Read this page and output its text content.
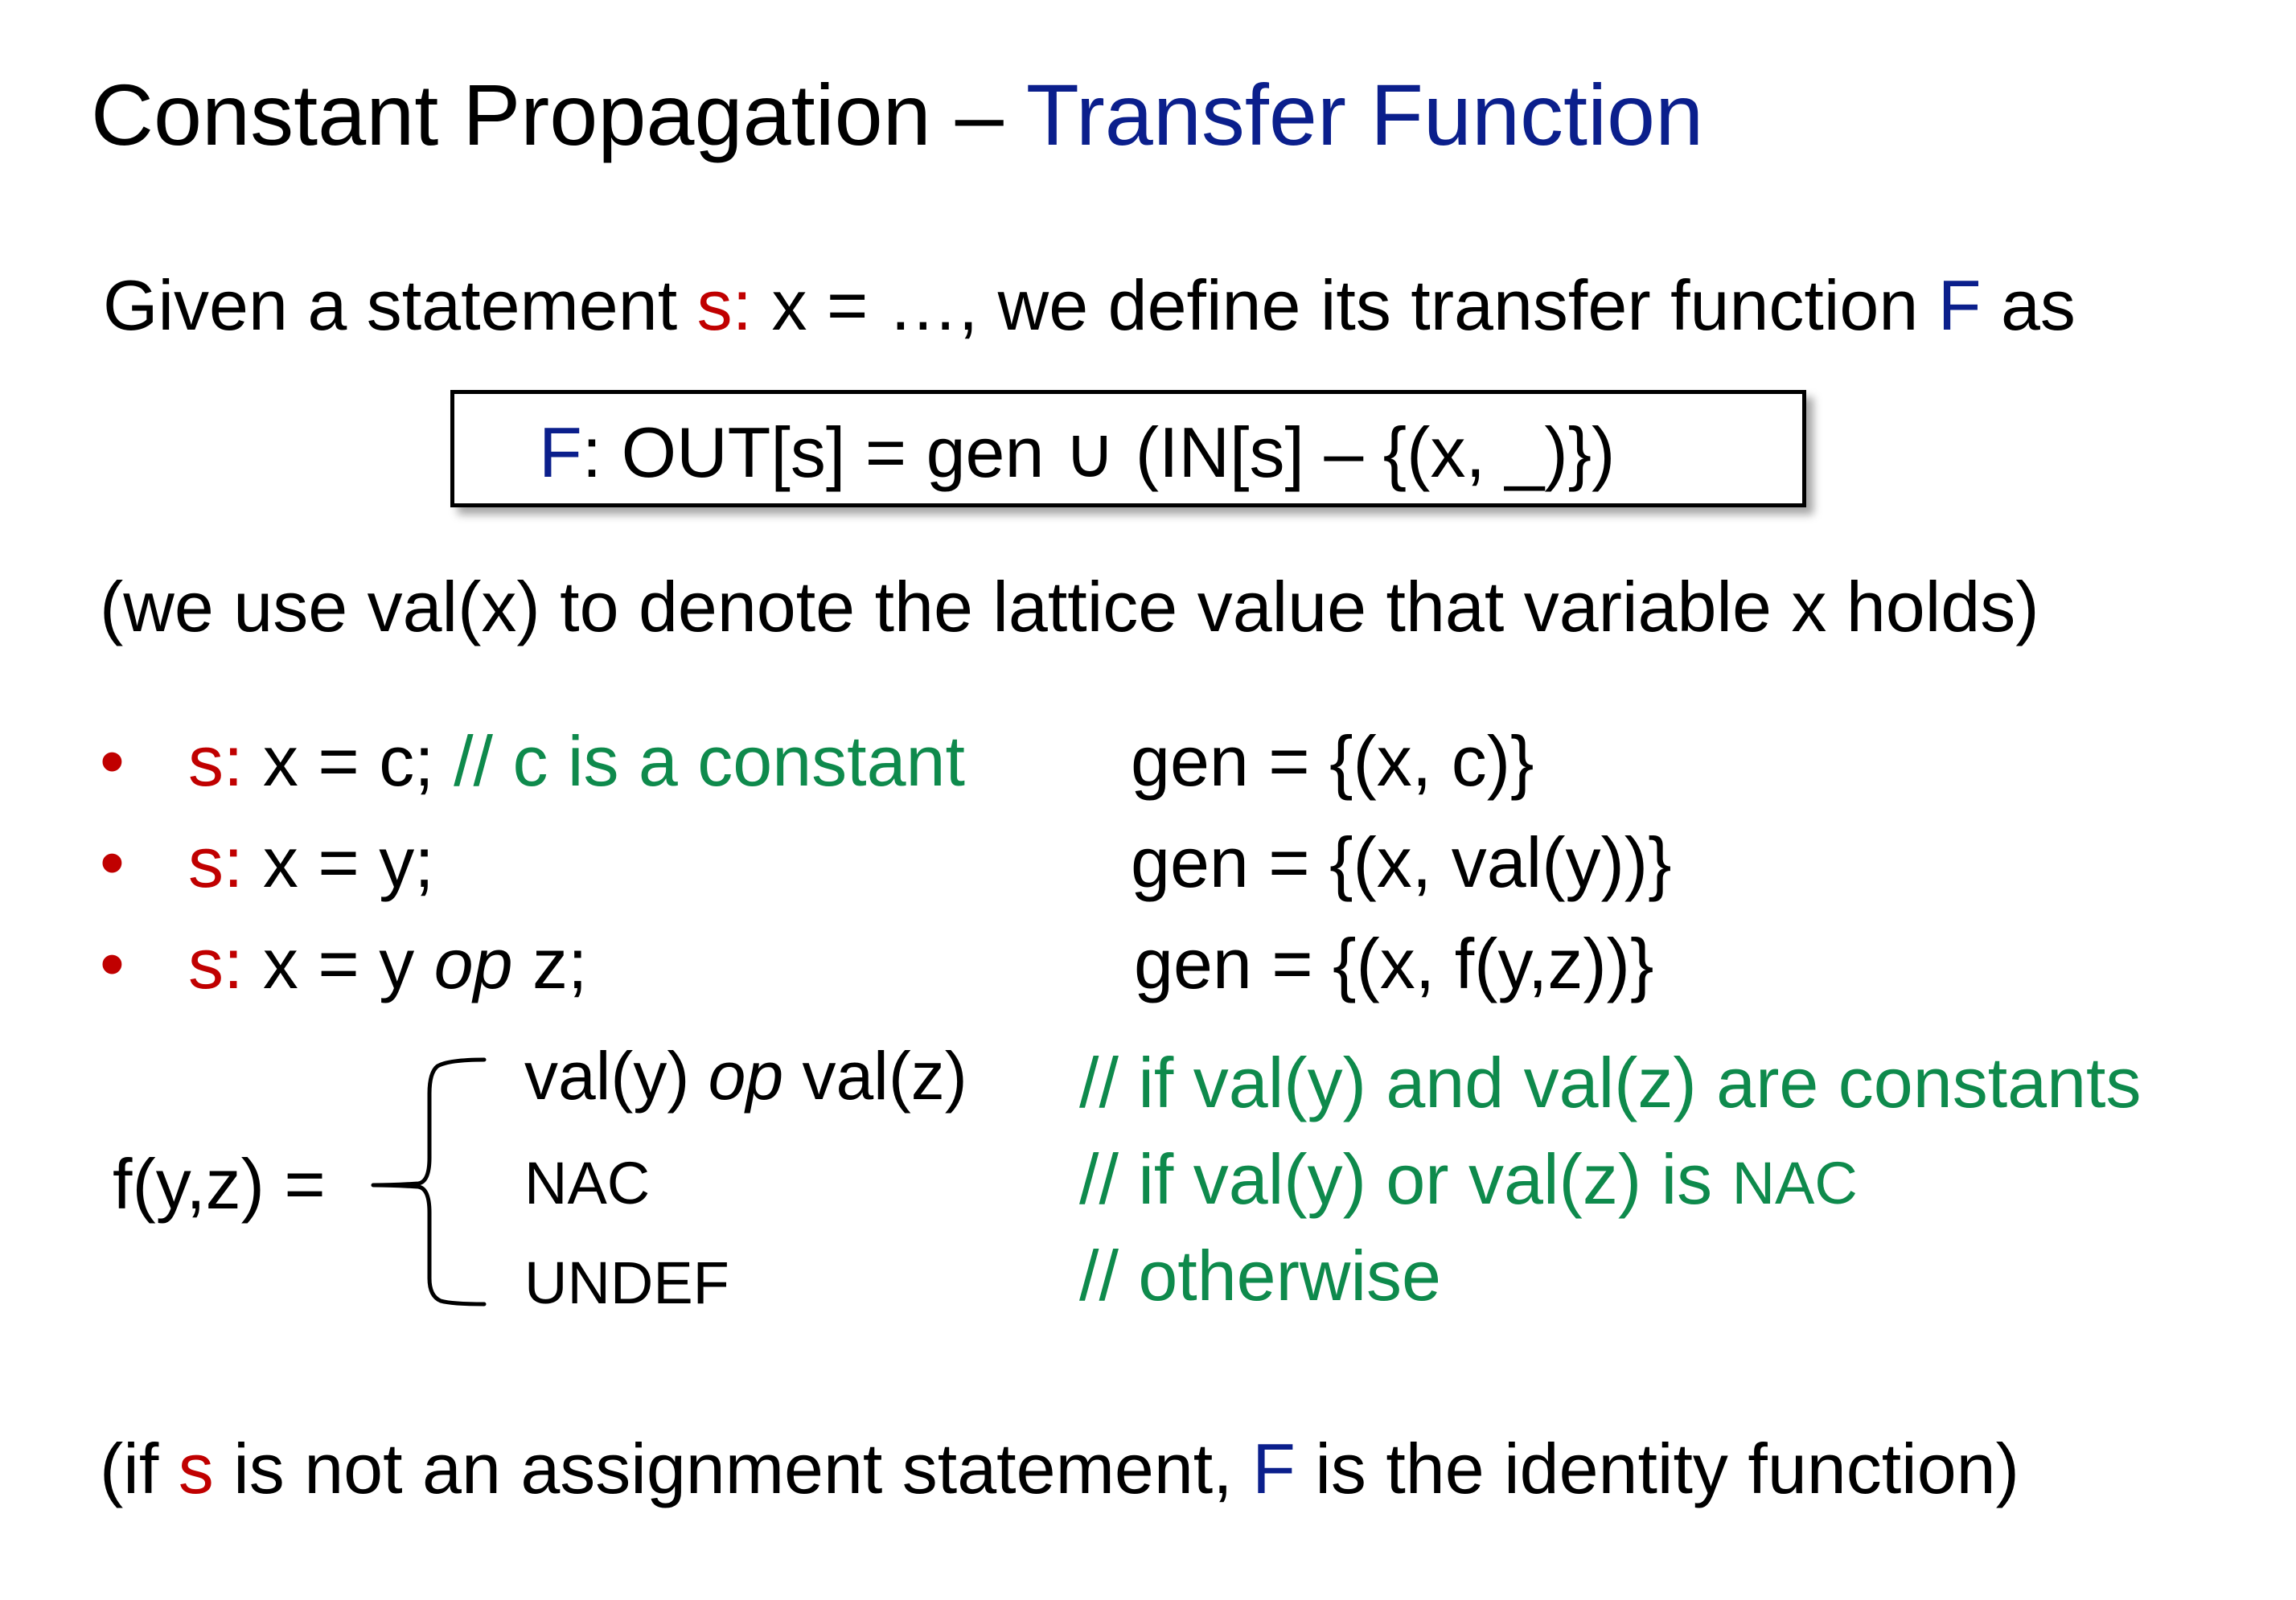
Constant Propagation – Transfer Function
Given a statement s: x = …, we define its transfer function F as
F: OUT[s] = gen ∪ (IN[s] – {(x, _)})
(we use val(x) to denote the lattice value that variable x holds)
• s: x = c; // c is a constant gen = {(x, c)}
• s: x = y;	gen = {(x, val(y))}
• s: x = y op z;	gen = {(x, f(y,z))}
f(y,z) =
val(y) op val(z) // if val(y) and val(z) are constants
NAC	// if val(y) or val(z) is NAC
UNDEF	// otherwise
(if s is not an assignment statement, F is the identity function)
